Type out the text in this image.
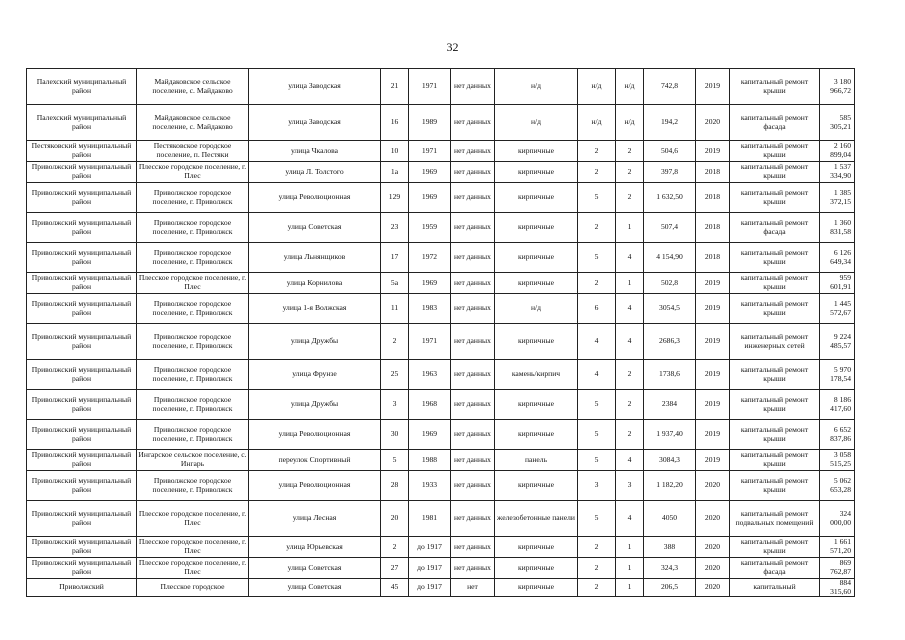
32
Палехский муниципальный район	Майдаковское сельское поселение, с. Майдаково	улица Заводская	21	1971	нет данных	н/д	н/д	н/д	742,8	2019	капитальный ремонт крыши	3 180 966,72
Палехский муниципальный район	Майдаковское сельское поселение, с. Майдаково	улица Заводская	16	1989	нет данных	н/д	н/д	н/д	194,2	2020	капитальный ремонт фасада	585 305,21
Пестяковский муниципальный район	Пестяковское городское поселение, п. Пестяки	улица Чкалова	10	1971	нет данных	кирпичные	2	2	504,6	2019	капитальный ремонт крыши	2 160 899,04
Приволжский муниципальный район	Плесское городское поселение, г. Плес	улица Л. Толстого	1а	1969	нет данных	кирпичные	2	2	397,8	2018	капитальный ремонт крыши	1 537 334,90
Приволжский муниципальный район	Приволжское городское поселение, г. Приволжск	улица Революционная	129	1969	нет данных	кирпичные	5	2	1 632,50	2018	капитальный ремонт крыши	1 385 372,15
Приволжский муниципальный район	Приволжское городское поселение, г. Приволжск	улица Советская	23	1959	нет данных	кирпичные	2	1	507,4	2018	капитальный ремонт фасада	1 360 831,58
Приволжский муниципальный район	Приволжское городское поселение, г. Приволжск	улица Льнянщиков	17	1972	нет данных	кирпичные	5	4	4 154,90	2018	капитальный ремонт крыши	6 126 649,34
Приволжский муниципальный район	Плесское городское поселение, г. Плес	улица Корнилова	5а	1969	нет данных	кирпичные	2	1	502,8	2019	капитальный ремонт крыши	959 601,91
Приволжский муниципальный район	Приволжское городское поселение, г. Приволжск	улица 1-я Волжская	11	1983	нет данных	н/д	6	4	3054,5	2019	капитальный ремонт крыши	1 445 572,67
Приволжский муниципальный район	Приволжское городское поселение, г. Приволжск	улица Дружбы	2	1971	нет данных	кирпичные	4	4	2686,3	2019	капитальный ремонт инженерных сетей	9 224 485,57
Приволжский муниципальный район	Приволжское городское поселение, г. Приволжск	улица Фрунзе	25	1963	нет данных	камень/кирпич	4	2	1738,6	2019	капитальный ремонт крыши	5 970 178,54
Приволжский муниципальный район	Приволжское городское поселение, г. Приволжск	улица Дружбы	3	1968	нет данных	кирпичные	5	2	2384	2019	капитальный ремонт крыши	8 186 417,60
Приволжский муниципальный район	Приволжское городское поселение, г. Приволжск	улица Революционная	30	1969	нет данных	кирпичные	5	2	1 937,40	2019	капитальный ремонт крыши	6 652 837,86
Приволжский муниципальный район	Ингарское сельское поселение, с. Ингарь	переулок Спортивный	5	1988	нет данных	панель	5	4	3084,3	2019	капитальный ремонт крыши	3 058 515,25
Приволжский муниципальный район	Приволжское городское поселение, г. Приволжск	улица Революционная	28	1933	нет данных	кирпичные	3	3	1 182,20	2020	капитальный ремонт крыши	5 062 653,28
Приволжский муниципальный район	Плесское городское поселение, г. Плес	улица Лесная	20	1981	нет данных	железобетонные панели	5	4	4050	2020	капитальный ремонт подвальных помещений	324 000,00
Приволжский муниципальный район	Плесское городское поселение, г. Плес	улица Юрьевская	2	до 1917	нет данных	кирпичные	2	1	388	2020	капитальный ремонт крыши	1 661 571,20
Приволжский муниципальный район	Плесское городское поселение, г. Плес	улица Советская	27	до 1917	нет данных	кирпичные	2	1	324,3	2020	капитальный ремонт фасада	869 762,87
Приволжский	Плесское городское	улица Советская	45	до 1917	нет	кирпичные	2	1	206,5	2020	капитальный	884 315,60
